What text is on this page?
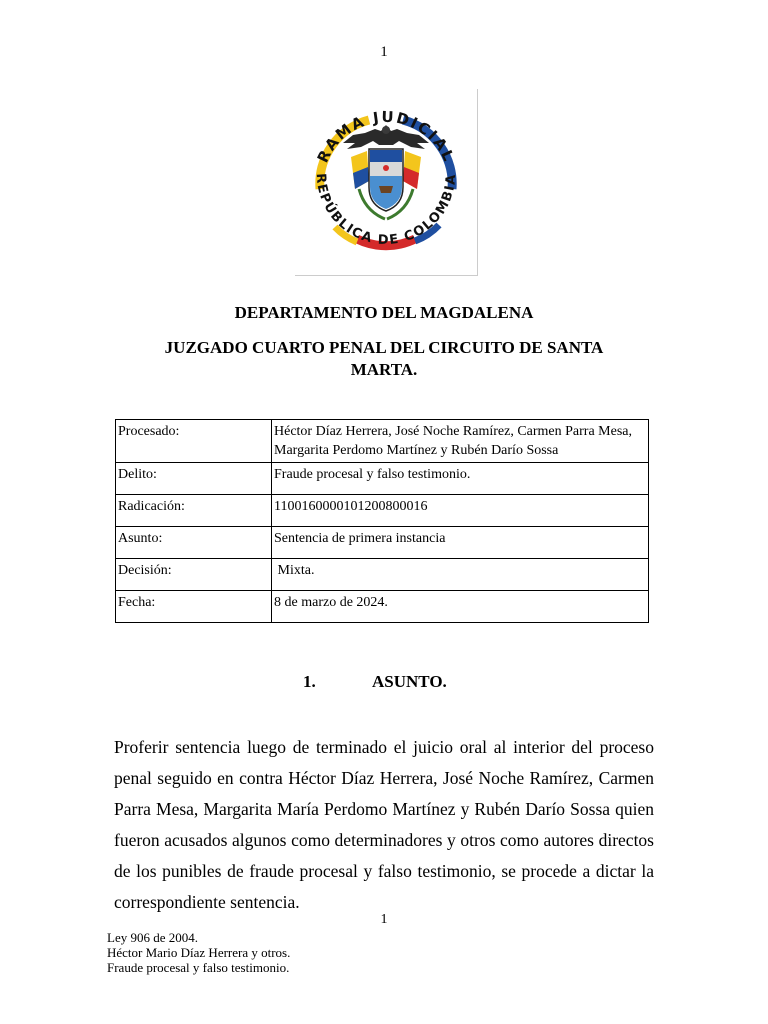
1
RAMA JUDICIAL
REPÚBLICA DE COLOMBIA
DEPARTAMENTO DEL MAGDALENA
JUZGADO CUARTO PENAL DEL CIRCUITO DE SANTA MARTA.
Procesado:	Héctor Díaz Herrera, José Noche Ramírez, Carmen Parra Mesa, Margarita Perdomo Martínez y Rubén Darío Sossa
Delito:	Fraude procesal y falso testimonio.
Radicación:	110016000010120080001​6
Asunto:	Sentencia de primera instancia
Decisión:	Mixta.
Fecha:	8 de marzo de 2024.
1.	ASUNTO.

Proferir sentencia luego de terminado el juicio oral al interior del proceso penal seguido en contra Héctor Díaz Herrera, José Noche Ramírez, Carmen Parra Mesa, Margarita María Perdomo Martínez y Rubén Darío Sossa quien fueron acusados algunos como determinadores y otros como autores directos de los punibles de fraude procesal y falso testimonio, se procede a dictar la correspondiente sentencia.

1
Ley 906 de 2004.
Héctor Mario Díaz Herrera y otros.
Fraude procesal y falso testimonio.
